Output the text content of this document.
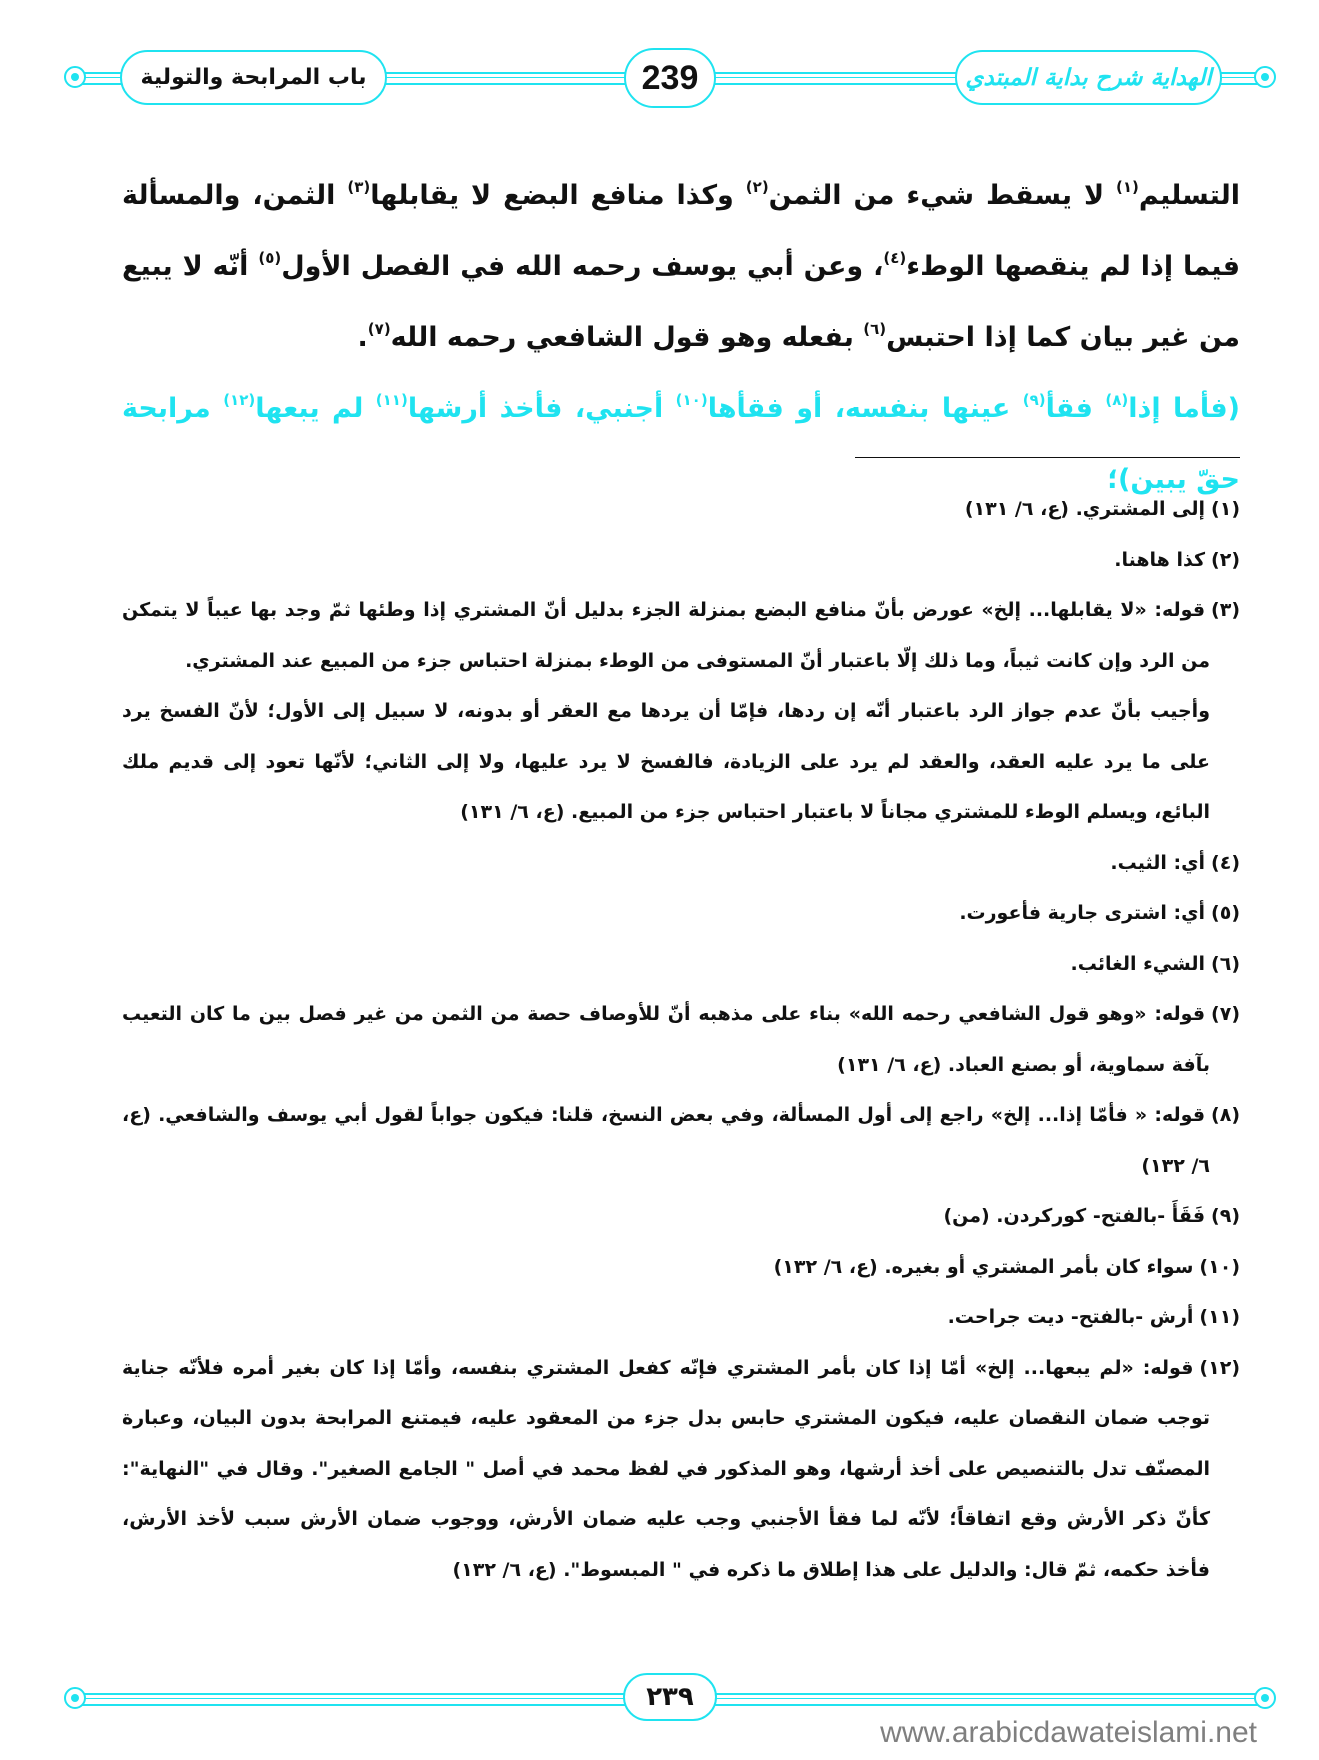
باب المرابحة والتولية	239	الهداية شرح بداية المبتدي
التسليم$^{(١)}$ لا يسقط شيء من الثمن$^{(٢)}$ وكذا منافع البضع لا يقابلها$^{(٣)}$ الثمن، والمسألة فيما إذا لم ينقصها الوطء$^{(٤)}$، وعن أبي يوسف رحمه الله في الفصل الأول$^{(٥)}$ أنّه لا يبيع من غير بيان كما إذا احتبس$^{(٦)}$ بفعله وهو قول الشافعي رحمه الله$^{(٧)}$.
(فأما إذا$^{(٨)}$ فقأ$^{(٩)}$ عينها بنفسه، أو فقأها$^{(١٠)}$ أجنبي، فأخذ أرشها$^{(١١)}$ لم يبعها$^{(١٢)}$ مرابحة حقّ يبين)؛

(١)إلى المشتري. (ع، ٦/ ١٣١)

(٢)كذا هاهنا.

(٣)قوله: «لا يقابلها... إلخ» عورض بأنّ منافع البضع بمنزلة الجزء بدليل أنّ المشتري إذا وطئها ثمّ وجد بها عيباً لا يتمكن من الرد وإن كانت ثيباً، وما ذلك إلّا باعتبار أنّ المستوفى من الوطء بمنزلة احتباس جزء من المبيع عند المشتري.
وأجيب بأنّ عدم جواز الرد باعتبار أنّه إن ردها، فإمّا أن يردها مع العقر أو بدونه، لا سبيل إلى الأول؛ لأنّ الفسخ يرد على ما يرد عليه العقد، والعقد لم يرد على الزيادة، فالفسخ لا يرد عليها، ولا إلى الثاني؛ لأنّها تعود إلى قديم ملك البائع، ويسلم الوطء للمشتري مجاناً لا باعتبار احتباس جزء من المبيع. (ع، ٦/ ١٣١)

(٤)أي: الثيب.

(٥)أي: اشترى جارية فأعورت.

(٦)الشيء الغائب.

(٧)قوله: «وهو قول الشافعي رحمه الله» بناء على مذهبه أنّ للأوصاف حصة من الثمن من غير فصل بين ما كان التعيب بآفة سماوية، أو بصنع العباد. (ع، ٦/ ١٣١)

(٨)قوله: « فأمّا إذا... إلخ» راجع إلى أول المسألة، وفي بعض النسخ، قلنا: فيكون جواباً لقول أبي يوسف والشافعي. (ع، ٦/ ١٣٢)

(٩)فَقَأَ -بالفتح- كوركردن. (من)

(١٠)سواء كان بأمر المشتري أو بغيره. (ع، ٦/ ١٣٢)

(١١)أرش -بالفتح- ديت جراحت.

(١٢)قوله: «لم يبعها... إلخ» أمّا إذا كان بأمر المشتري فإنّه كفعل المشتري بنفسه، وأمّا إذا كان بغير أمره فلأنّه جناية توجب ضمان النقصان عليه، فيكون المشتري حابس بدل جزء من المعقود عليه، فيمتنع المرابحة بدون البيان، وعبارة المصنّف تدل بالتنصيص على أخذ أرشها، وهو المذكور في لفظ محمد في أصل " الجامع الصغير". وقال في "النهاية": كأنّ ذكر الأرش وقع اتفاقاً؛ لأنّه لما فقأ الأجنبي وجب عليه ضمان الأرش، ووجوب ضمان الأرش سبب لأخذ الأرش، فأخذ حكمه، ثمّ قال: والدليل على هذا إطلاق ما ذكره في " المبسوط". (ع، ٦/ ١٣٢)

٢٣٩
www.arabicdawateislami.net
